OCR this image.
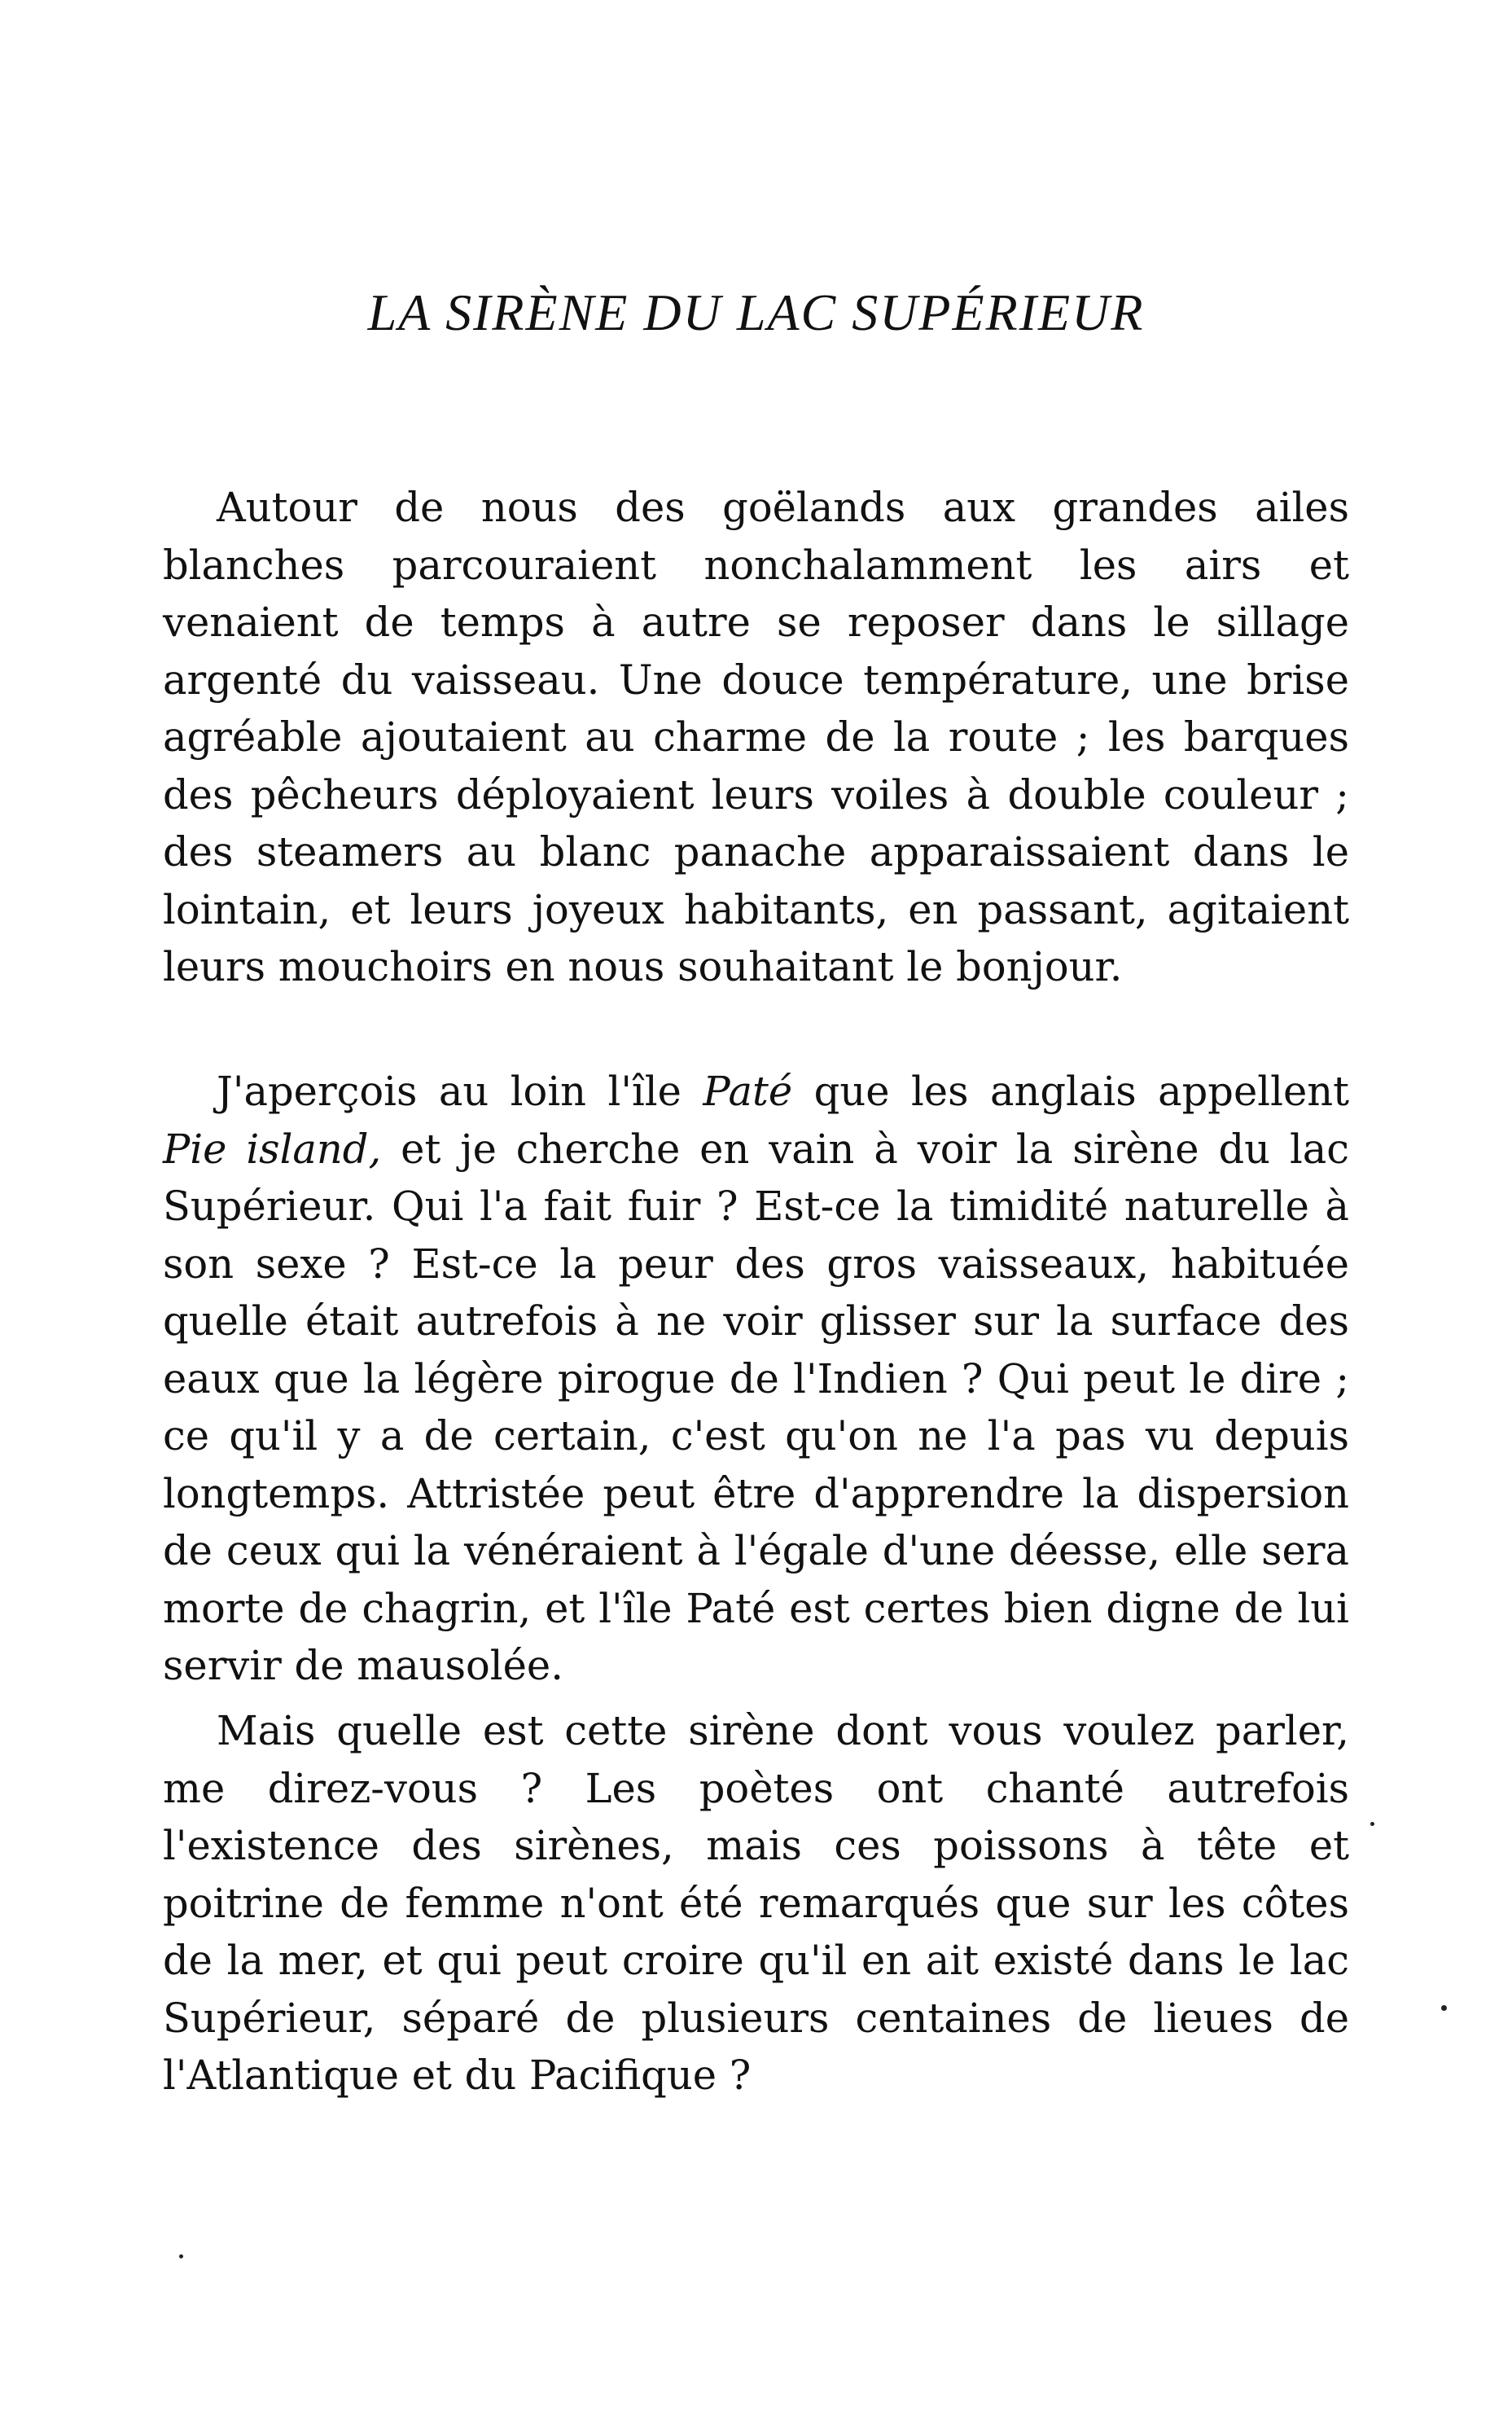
LA SIRÈNE DU LAC SUPÉRIEUR

Autour de nous des goëlands aux grandes ailes blanches parcouraient nonchalamment les airs et venaient de temps à autre se reposer dans le sillage argenté du vaisseau. Une douce température, une brise agréable ajoutaient au charme de la route ; les barques des pêcheurs déployaient leurs voiles à double couleur ; des steamers au blanc panache apparaissaient dans le lointain, et leurs joyeux habitants, en passant, agitaient leurs mouchoirs en nous souhaitant le bonjour.

J'aperçois au loin l'île Paté que les anglais appellent Pie island, et je cherche en vain à voir la sirène du lac Supérieur. Qui l'a fait fuir ? Est-ce la timidité naturelle à son sexe ? Est-ce la peur des gros vaisseaux, habituée quelle était autrefois à ne voir glisser sur la surface des eaux que la légère pirogue de l'Indien ? Qui peut le dire ; ce qu'il y a de certain, c'est qu'on ne l'a pas vu depuis longtemps. Attristée peut être d'apprendre la dispersion de ceux qui la vénéraient à l'égale d'une déesse, elle sera morte de chagrin, et l'île Paté est certes bien digne de lui servir de mausolée.

Mais quelle est cette sirène dont vous voulez parler, me direz-vous ? Les poètes ont chanté autrefois l'existence des sirènes, mais ces poissons à tête et poitrine de femme n'ont été remarqués que sur les côtes de la mer, et qui peut croire qu'il en ait existé dans le lac Supérieur, séparé de plusieurs centaines de lieues de l'Atlantique et du Pacifique ?
